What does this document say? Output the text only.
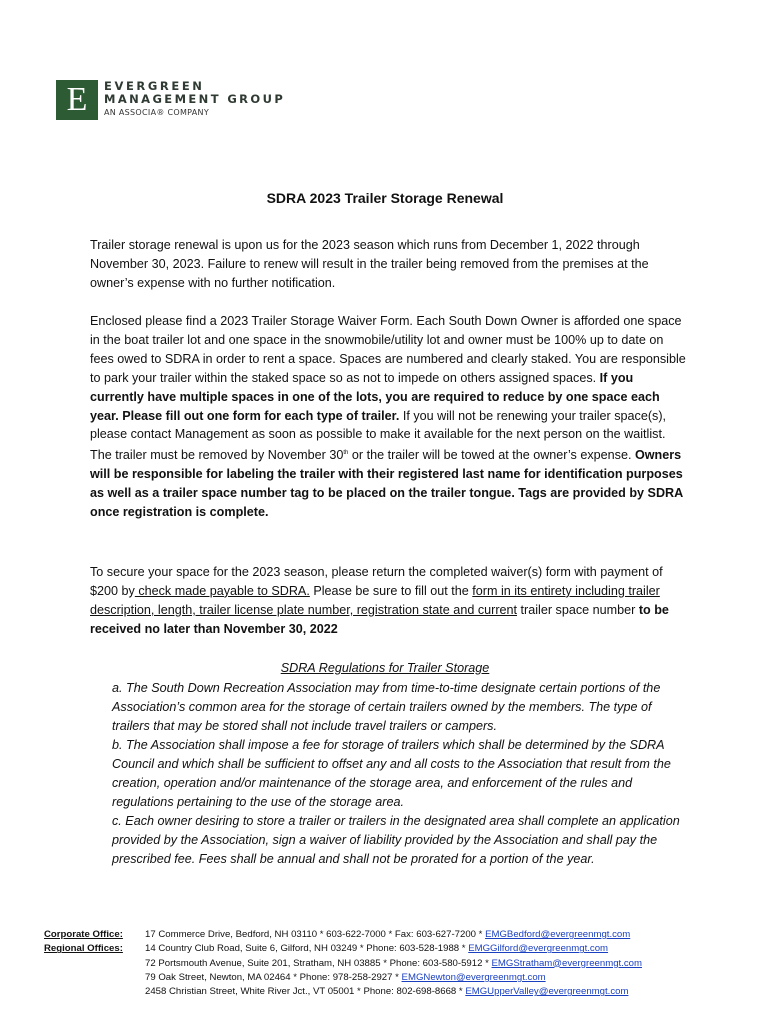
E	EVERGREEN
MANAGEMENT GROUP
AN ASSOCIA® COMPANY
SDRA 2023 Trailer Storage Renewal
Trailer storage renewal is upon us for the 2023 season which runs from December 1, 2022 through November 30, 2023. Failure to renew will result in the trailer being removed from the premises at the owner’s expense with no further notification.
Enclosed please find a 2023 Trailer Storage Waiver Form. Each South Down Owner is afforded one space in the boat trailer lot and one space in the snowmobile/utility lot and owner must be 100% up to date on fees owed to SDRA in order to rent a space. Spaces are numbered and clearly staked. You are responsible to park your trailer within the staked space so as not to impede on others assigned spaces. If you currently have multiple spaces in one of the lots, you are required to reduce by one space each year. Please fill out one form for each type of trailer. If you will not be renewing your trailer space(s), please contact Management as soon as possible to make it available for the next person on the waitlist. The trailer must be removed by November 30th or the trailer will be towed at the owner’s expense. Owners will be responsible for labeling the trailer with their registered last name for identification purposes as well as a trailer space number tag to be placed on the trailer tongue. Tags are provided by SDRA once registration is complete.
To secure your space for the 2023 season, please return the completed waiver(s) form with payment of $200 by check made payable to SDRA. Please be sure to fill out the form in its entirety including trailer description, length, trailer license plate number, registration state and current trailer space number to be received no later than November 30, 2022
SDRA Regulations for Trailer Storage
a. The South Down Recreation Association may from time-to-time designate certain portions of the Association’s common area for the storage of certain trailers owned by the members. The type of trailers that may be stored shall not include travel trailers or campers.
b. The Association shall impose a fee for storage of trailers which shall be determined by the SDRA Council and which shall be sufficient to offset any and all costs to the Association that result from the creation, operation and/or maintenance of the storage area, and enforcement of the rules and regulations pertaining to the use of the storage area.
c. Each owner desiring to store a trailer or trailers in the designated area shall complete an application provided by the Association, sign a waiver of liability provided by the Association and shall pay the prescribed fee. Fees shall be annual and shall not be prorated for a portion of the year.
Corporate Office:
Regional Offices:
17 Commerce Drive, Bedford, NH 03110 * 603-622-7000 * Fax: 603-627-7200 * EMGBedford@evergreenmgt.com
14 Country Club Road, Suite 6, Gilford, NH 03249 * Phone: 603-528-1988 * EMGGilford@evergreenmgt.com
72 Portsmouth Avenue, Suite 201, Stratham, NH 03885 * Phone: 603-580-5912 * EMGStratham@evergreenmgt.com
79 Oak Street, Newton, MA 02464 * Phone: 978-258-2927 * EMGNewton@evergreenmgt.com
2458 Christian Street, White River Jct., VT 05001 * Phone: 802-698-8668 * EMGUpperValley@evergreenmgt.com
